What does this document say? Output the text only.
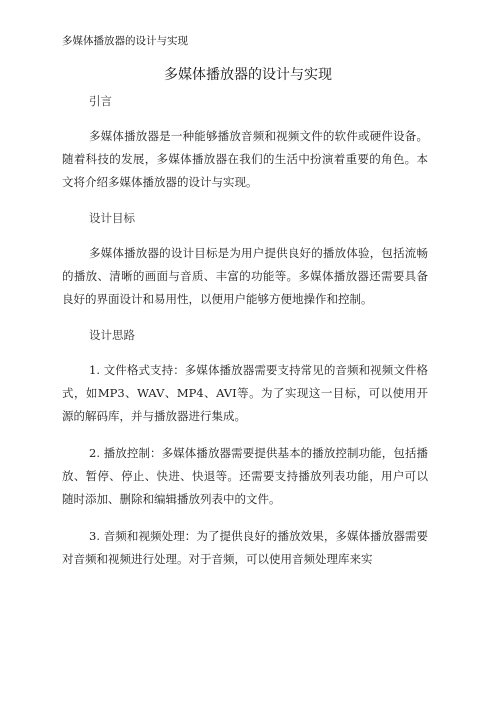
多媒体播放器的设计与实现
多媒体播放器的设计与实现

引言

多媒体播放器是一种能够播放音频和视频文件的软件或硬件设备。随着科技的发展，多媒体播放器在我们的生活中扮演着重要的角色。本文将介绍多媒体播放器的设计与实现。

设计目标

多媒体播放器的设计目标是为用户提供良好的播放体验，包括流畅的播放、清晰的画面与音质、丰富的功能等。多媒体播放器还需要具备良好的界面设计和易用性，以便用户能够方便地操作和控制。

设计思路

1. 文件格式支持：多媒体播放器需要支持常见的音频和视频文件格式，如MP3、WAV、MP4、AVI等。为了实现这一目标，可以使用开源的解码库，并与播放器进行集成。

2. 播放控制：多媒体播放器需要提供基本的播放控制功能，包括播放、暂停、停止、快进、快退等。还需要支持播放列表功能，用户可以随时添加、删除和编辑播放列表中的文件。

3. 音频和视频处理：为了提供良好的播放效果，多媒体播放器需要对音频和视频进行处理。对于音频，可以使用音频处理库来实
